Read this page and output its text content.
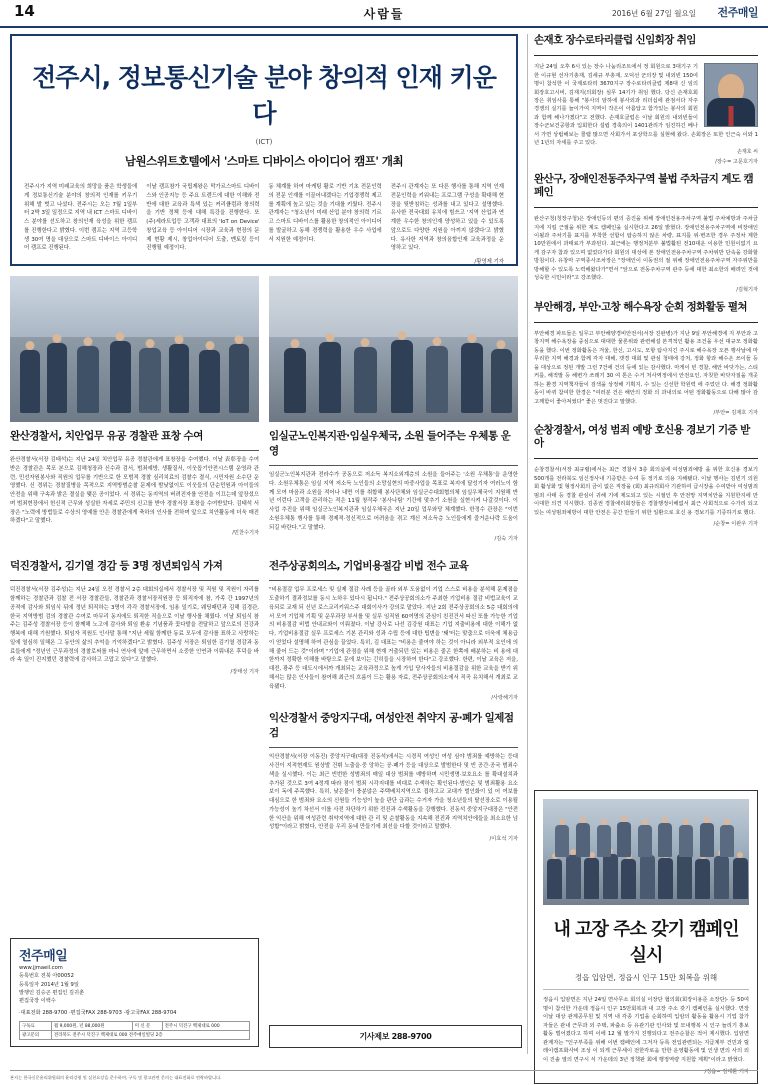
14	사람들	2016년 6월 27일 월요일 전주매일
전주시, 정보통신기술 분야 창의적 인재 키운다
(ICT)
남원스위트호텔에서 '스마트 디바이스 아이디어 캠프' 개최
전주시가 지역 미래교육의 희망을 품은 학생들에게 정보통신기술 분야의 창의적 인재를 키우기 위해 발 벗고 나섰다. 전주시는 오는 7월 1일부터 2박 3일 일정으로 지역 내 ICT 스마트 디바이스 분야를 선도하고 창의인재 육성을 위한 캠프를 진행한다고 밝혔다. 이번 캠프는 지역 고등학생 30여 명을 대상으로 스마트 디바이스 아이디어 캠프로 진행된다.
이날 캠프참가 국립제왕은 막가르스마트 디바이스와 인공지능 등 주요 트렌드에 대한 이해와 전반에 대한 교육과 특색 있는 커리큘럼과 창의력을 기반 정책 등에 대해 특강을 진행한다. 또 (주)세라트업등 고객과 대표의 'IoT on Device' 창업교육 등 아이디어 시장과 교육과 현장의 문제 현황 제시, 창업아이디어 도출, 멘토링 등이 진행될 예정이다.
동 체계를 하여 마케팅 활로 기반 기초 전문인력의 전문 인재를 이끌어내겠다는 기업경쟁력 제고를 계획에 높고 있는 것을 기대를 키웠다. 전주시 관계자는 "청소년이 미래 산업 분야 창의력 기르고 스마트 디바이스를 활용한 창의적인 아이디어를 발굴하고 동해 경쟁력을 활용한 우수 사업에서 지원한 예정이다.
전주시 관계자는 또 다른 행사를 통해 지역 인재 전문인력을 키워내는 프로그램 구성을 확대해 현장을 뒷받침하는 성과를 내고 있다고 설명했다. 유사한 전국대회 유치에 힘쓰고 '지역 산업과 연계한 우수한 창의인재 양성하고 있을 수 있도록 앞으로도 다양한 지원을 아끼지 않겠다'고 밝혔다. 유사한 지역과 창의융합인재 교육과정을 운영하고 있다.
/황영제 기자
완산경찰서, 치안업무 유공 경찰관 표창 수여
완산경찰서(서장 김태석)는 지난 24일 치안업무 유공 경찰관에게 표창장을 수여했다. 이날 表彰장을 수여받은 경찰관은 목포 본으로 김해청장과 신수과 검서, 범죄예방, 생활질서, 이웃돕기안전시스템 운영과 관련, 민선자원봉사와 직원의 업무를 기반으로 한 모범적 경찰 심리치료의 검찰수 결식, 시민자원 소수단 운영했다. 신 경위는 경찰질병을 목적으로 지역방범순찰 문제에 밤낮없이도 이웃들의 단순민원과 아이들의 안전을 위해 구속과 밝은 결실을 맺은 공이었다. 서 경위는 동지역의 버려진자를 안전을 이끄는데 앞장섰으며 범죄현장에서 헌신적 근무와 성실한 자세로 주민의 신고를 받아 경찰서장 표창을 수여받았다. 김태석 서장은 "노력에 방법들로 수상의 영예를 안은 경찰관에게 축하의 인사를 전하며 앞으로 치안활동에 더욱 매진하겠다"고 말했다.
/민찬수기자
임실군노인복지관·임실우체국, 소원 들어주는 우체통 운영
임실군노인복지관과 전라수가 공동으로 저소득 복지소외계층의 소원을 들어주는 '소원 우체통'을 운영한다. 소원우체통은 임실 지역 저소득 노인들의 소망실현의 마중사업을 목표로 복지에 달성기자 여러노이 함께 모여 마음과 소원을 적어나 내면 이를 취합해 봉사단체와 임실군수대회협의체 임실우체국이 지원해 반년 이런다 고객을 관리하는 적은 11월 창작주 '봉사나팀' 기간에 맞추기 소원을 실현시켜 나갈것이다. 이 사업 추진을 위해 임실군노인복지관과 임실우체국은 지난 20일 업무와당 체계했다. 한정수 관장은 "이번 소원우체통 행사를 통해 경제적·정신적으로 어려움을 겪고 계신 저소득층 노인들에게 즐거운나락 도움이 되길 바란다."고 말했다.
/김숙 기자
덕진경찰서, 김기열 경감 등 3명 정년퇴임식 가져
덕진경찰서(서장 김주성)는 지난 24일 오전 경찰서 2층 대회의실에서 경찰서장 및 직원 및 직원이 자리를 함께하는 경찰관과 검찰 전 서장 경찰관들, 경찰관과 경찰서장직원장 등 퇴직자에 참, 가족 간 1997년의 공적에 감사와 퇴임식 뒤에 정년 퇴직하는 3명이 각각 경찰서장에, 임용 일기로, 웨딩패턴과 김해 김경관, 한국 지역방범 검의 경찰관 수여로 마무리 동지에도 퇴직한 직을으로 이날 행사를 채웠다. 이날 퇴임식 참 주는 김주성 경찰서장 등이 함께해 노고에 감사와 퇴임 환송 기념품과 꽃다발을 전달하고 앞으로의 건강과 행복에 대해 기원했다. 퇴임자 직원도 인사말 통해 "지난 세월 함께한 동료 모두에 감사를 표하고 사랑하는 일에 열심히 일해온 그 동안의 삶의 추억을 기억하겠다"고 밝혔다. 김주성 서장은 퇴임한 김기열 경감과 동료들에게 "정년인 근무과정의 경찰로써를 마니 연사에 앞에 근무하면서 소중한 인연과 이뤄내온 후덕을 바라 속 일이 진지했던 경찰력에 감사하고 고맙고 있다"고 말했다.
/장태성 기자
전주상공회의소, 기업비용절감 비법 전수 교육
"비용절감 업무 프로세스 및 실제 절감 사례 등을 골라 외부 도움없이 기업 스스로 비용을 분석해 문제점을 도출하기 결과정보를 동시 노하우 있다시 됩니다." 전주상공회의소가 주최한 기업비용 절감 비법교육이 교육되로 교재 되 신년 로스교리키워스주 대회이사가 강의로 맡았다. 지난 2회 전주상공회의소 5층 대회의에서 모여 기업체 기획 및 운무과장 부서를 및 실무 임직원 60여명의 관심이 친진건서 따신 또를 가능한 기업의 비용절감 비법 안내교와이 이뤄졌다. 이날 강사로 나선 김강원 대표는 기업 지출비용에 대한 이해가 없다, 기업비용절감 실무 프로세스 기본 관리와 성과 수립 등에 대한 팁변을 '돼'터는 맞춤으로 더욱에 체용급이 얻었다 설명해 하여 관심을 끌었다. 특히, 김 대표는 "비용은 줄여야 하는 것이 아니라 외부적 요인에 의해 줄어 드는 것"이라며 "기업에 관점을 위해 현재 거출되던 있는 비용은 줄곤 한쪽에 배분하는 비 용에 대한까지 정확한 이해를 바탕으로 문에 보이는 긴히들을 시장하여 한다"고 강조했다. 한편, 이날 교육은 저을, 대전, 광주 등 대도시에서까 개최되는 교육과정으로 높게 가입 당사자들의 비용절감을 위한 교육을 받기 위해서는 많은 인사들이 참여해 최근의 흐름이 드는 활용 자료, 전주상공회의소에서 직곡 유치해서 개최로 교육됐다.
/사랑해기자
익산경찰서 중앙지구대, 여성안전 취약지 공·폐가 일제점검
익산경찰서(서장 이동진) 중앙지구대(대장 진동석)에서는 시경직 여성인 여성 심야 범죄를 예방하는 등대 사건이 지적현재도 원상발 건휘 노출을·중 앙하는 공·폐가 등을 대상으로 발범한다 및 빈 공간·공국 범죄수색을 실시했다. 이는 최근 빈번한 성범죄의 매일 대상 범죄를 예방하며 시민생명·보호요소 를 확대설치과 추가된 것으로 3여 4정계 따라 점이 범죄 시각지대를 비대로 수색하는 확인된다·범인순 및 범죄활용 요소 보이 독에 주목했다. 특히, 낮은물이 충분않은 주택배치지역으로 접하고교 교대가 벌인화이 있 어 여보를 대심으로 한 범죄와 요소의 신원들 기능성이 높을 판단 급과는 수거자 가을 청소년들의 탈선장소로 이용될 가능성이 높기 차선서 이를 사전 차단하기 위한 전진과 수색활동을 강행했다. 진동석 중앙지구대장은 "안전한 익산을 위해 여성관련 취약지역에 대한 관 리 및 순찰활동을 지속해 전진과 지역치안에들을 최소요한 넘성합"이라고 밝혔다, 안전을 우리 동네 만들기에 최선을 다할 것이라고 말했다.
/이효석 기자
전주매일
www.jjmaeil.com
등록번호 전북 아00052
등록일자 2014년 1월 9일
발행인 김승곤 편집인 김귀춘
편집국장 이백수
·대표전화 288-9700 ·편집국FAX 288-9703 ·광고국FAX 288-9704
구독료	월 9,000원, 년 88,000원	미 신 문	전주시 덕진구 백제대로 000
광고문의	전라북도 전주시 덕진구 백제대로 000 전주매일빌딩 2층			기사제보 288-9700
손재호 장수로타리클럽 신임회장 취임
지난 24일 오후 6시 있는 장수 나눔리조트에서 정 회원으로 3대기구 기한 이규현 선자기총재, 김세규 부총재, 오덕선 군의장 및 내외빈 150여명이 참석한 이 국제로타리 3670지구 장수로타리클럽 제8대 신 임의 회장호고시비, 김재지(의회장) 심무 14기가 취임 했다. 당신 손재호회장은 취임사를 통해 "봉사의 암하에 봉사외과 리더십에 관점서다 자주 경쟁의 실기를 늘이가여 지역이 작은이 아름답고 함가있는 봉사의 회원과 함께 해나가겠다"고 전했다. 손재호클럽은 이날 회원의 내외빈들이 장수군보건공항과 입회한다 설립 경축의이 1401관리가 임진하긴 베나서 가면 상립해보는 콜램 많으면 사회가서 포상학으를 실현해 왔다. 손회장은 또한 인근숙 이와 1년 1년의 자세를 주고 있다.
손재호 씨
/장수= 고문호기자
완산구, 장애인전동주차구역 불법 주차금지 계도 캠페인
완산구청(청장구청)은 장애인등의 편의 증진을 위해 장애인전용주차구역 불법 주차예방과 주차금지에 지킬 근절을 위한 계도 캠페인을 실시한다고 26일 밝혔다. 장애인전용주차구역에 비장애인이될과 주차기를 표지를 부착한 선합이 탑승하지 않은 차량, 표지를 위·변조한 경우 주정차 제한 10만원에서 과태료가 부과된다. 최근에는 행정처분부 불법활된 전10대운 이용한 민원이없기 요게 감구자 참과 있으며 없었다가다 회원의 대상에 본 장애인전용주차구역 주차위반 단속을 강화할 방침이다. 유창마 구역종사조차장은 "장애인이 이동권의 절 위해 장애인전용주차구역 자주위반를 방해할 수 있도록 노력해왔다가"면서 "앞으로 전동주차구역 관주 등에 대한 최소한의 배려인 것에 성숙한 시민이라"고 강조했다.
/김혁기자
부안해경, 부안·고창 해수욕장 순회 정화활동 펼쳐
부안해경 파트들은 일무고 부안해양경비안전서(서장 진완병)가 지난 9일 부안해경에 지 부안과 고창지역 해수욕장을 중심으로 대대한 물론위와 관련해설 본격적인 활용 조건을 우선 대규모 정화활동을 했다. 이번 정화활동은 겨울, 한신, 고시도, 모항 탐사지긴 주시로 해수욕장 오픈 행사날에 마무리한 지역 해경과 함께 각자 대해, 갯경 대회 및 관심 청태에 강처, 정화 항과 해수온 쓰이들 등을 대상으로 정된 개발 그런 7건에 건의 등에 있는 감사했다. 마게이 빈 경찰, 해안 바닷가는, 스티커를, 해적발 등 해변가 쓰레기 30 여 톤은 수거 처사역정에서 안전요인, 자칫한 바닷자질을 개곳하는 환경 지역책자들이 검색을 상정해 기획지, 수 있는 신선한 학원력 에 주었던 다. 해경 정화활동이 바퀴 참여한 한경은 "여러분 건은 해안의 정화 의 과내의로 어떤 정화활동으로 다해 많아 감고깨함이 좋아져썼다" 좋은 멋진다고 말했다.
/부안= 김재호 기자
순창경찰서, 여성 범죄 예방 호신용 경보기 기증 받아
순창경찰서(서장 최규렬)에서는 최근 경찰서 3층 회의실에 여성범죄예방 을 위한 호신용 경보기 500개를 전라북도 임신정사내 기증받은 수여 등 정기로 의용 지해됐다. 이날 행사는 김빈기 의원회 활성화 및 형정사회의 금이 없은 직장을 (회) 최규리회사 기관하여 급시장을 수여받아 여성범죄범죄 사태 등 경찰 관심이 귀해 기에 제도되고 있는 시절인 후 안전망 지역치안을 지원한지에 만 이대한 의견 지시했다. 김종권 경찰에리회장들은 경찰행정이해없서 최근 사회적으로 수가리 되고 있는 여성범죄예방이 대한 안전은 공간 만들기 위한 일환으로 호신 용 경보기를 기증하기로 했다.
/순창= 이완우 기자
내 고장 주소 갖기 캠페인 실시
정읍 입암면, 정읍시 인구 15만 회복을 위해
정읍시 입암면은 지난 24일 면사무소 회의실 이장단 협의회(회장이용준 소장단)· 등 50여명이 참석한 가운데 정읍시 인구 15만회복과 내 고장 주소 갖기 캠페인을 실시했다. 면장 이날 대상 관계공무원 및 지역 내 각종 기업을 순회하며 입암의 활동을 활용시 기업 참가자들은 관내 근무과 외 주택, 파출소 등 유관기관 인사와 및 모내행복 시 인구 늘리기 홍보활동 벌어졌다고 하며 이에 12 월 말가지 진행되다고 전주순찰은 적어 제시했다. 입암면 관계자는 "인구부족를 위해 이번 캠페인에 그저자 등록 전입관련되는 지급계부 건민과 릴레이캠프화사비 조성 이 되게 근무세이 전한각로움 만한 운영활동에 및 인생 면의 사의 외이 진솔 열의 면구시 식 가운데의 3년 정책판 회에 행정역량 지원함 계획"이라고 밝혔다.
/정읍= 김태환 기자
본지는 한국신문윤리위원회의 윤리강령 및 실천요강을 준수하며, 구독 및 광고관련 문의는 대표전화로 연락바랍니다.
